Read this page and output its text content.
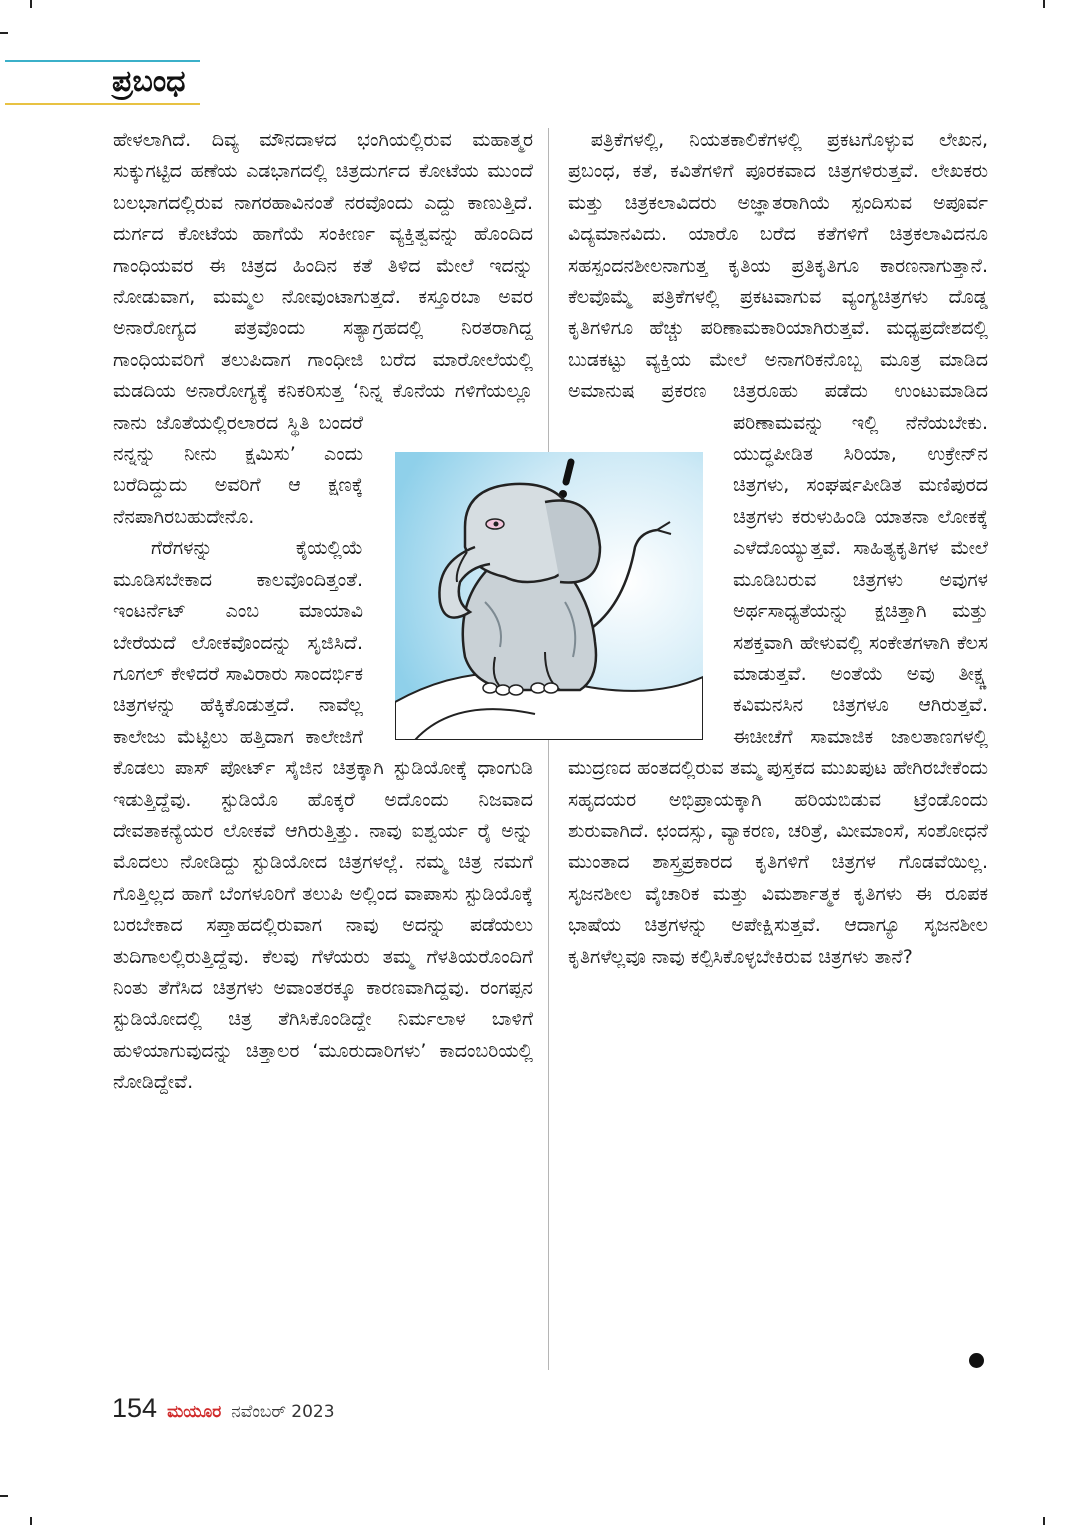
ಪ್ರಬಂಧ

ಹೇಳಲಾಗಿದೆ. ದಿವ್ಯ ಮೌನದಾಳದ ಭಂಗಿಯಲ್ಲಿರುವ ಮಹಾತ್ಮರ ಸುಕ್ಕುಗಟ್ಟಿದ ಹಣೆಯ ಎಡಭಾಗದಲ್ಲಿ ಚಿತ್ರದುರ್ಗದ ಕೋಟೆಯ ಮುಂದೆ ಬಲಭಾಗದಲ್ಲಿರುವ ನಾಗರಹಾವಿನಂತೆ ನರವೊಂದು ಎದ್ದು ಕಾಣುತ್ತಿದೆ. ದುರ್ಗದ ಕೋಟೆಯ ಹಾಗೆಯೆ ಸಂಕೀರ್ಣ ವ್ಯಕ್ತಿತ್ವವನ್ನು ಹೊಂದಿದ ಗಾಂಧಿಯವರ ಈ ಚಿತ್ರದ ಹಿಂದಿನ ಕತೆ ತಿಳಿದ ಮೇಲೆ ಇದನ್ನು ನೋಡುವಾಗ, ಮಮ್ಮಲ ನೋವುಂಟಾಗುತ್ತದೆ. ಕಸ್ತೂರಬಾ ಅವರ ಅನಾರೋಗ್ಯದ ಪತ್ರವೊಂದು ಸತ್ಯಾಗ್ರಹದಲ್ಲಿ ನಿರತರಾಗಿದ್ದ ಗಾಂಧಿಯವರಿಗೆ ತಲುಪಿದಾಗ ಗಾಂಧೀಜಿ ಬರೆದ ಮಾರೋಲೆಯಲ್ಲಿ ಮಡದಿಯ ಅನಾರೋಗ್ಯಕ್ಕೆ ಕನಿಕರಿಸುತ್ತ ‘ನಿನ್ನ ಕೊನೆಯ ಗಳಿಗೆಯಲ್ಲೂ ನಾನು ಜೊತೆಯಲ್ಲಿರಲಾರದ ಸ್ಥಿತಿ ಬಂದರೆ ನನ್ನನ್ನು ನೀನು ಕ್ಷಮಿಸು’ ಎಂದು ಬರೆದಿದ್ದುದು ಅವರಿಗೆ ಆ ಕ್ಷಣಕ್ಕೆ ನೆನಪಾಗಿರಬಹುದೇನೊ.

ಗೆರೆಗಳನ್ನು ಕೈಯಲ್ಲಿಯೆ ಮೂಡಿಸಬೇಕಾದ ಕಾಲವೊಂದಿತ್ತಂತೆ. ಇಂಟರ್ನೆಟ್ ಎಂಬ ಮಾಯಾವಿ ಬೇರೆಯದೆ ಲೋಕವೊಂದನ್ನು ಸೃಜಿಸಿದೆ. ಗೂಗಲ್ ಕೇಳಿದರೆ ಸಾವಿರಾರು ಸಾಂದರ್ಭಿಕ ಚಿತ್ರಗಳನ್ನು ಹೆಕ್ಕಿಕೊಡುತ್ತದೆ. ನಾವೆಲ್ಲ ಕಾಲೇಜು ಮೆಟ್ಟಿಲು ಹತ್ತಿದಾಗ ಕಾಲೇಜಿಗೆ ಕೊಡಲು ಪಾಸ್ ಪೋರ್ಟ್ ಸೈಜಿನ ಚಿತ್ರಕ್ಕಾಗಿ ಸ್ಟುಡಿಯೋಕ್ಕೆ ಧಾಂಗುಡಿ ಇಡುತ್ತಿದ್ದೆವು. ಸ್ಟುಡಿಯೊ ಹೊಕ್ಕರೆ ಅದೊಂದು ನಿಜವಾದ ದೇವತಾಕನ್ಯೆಯರ ಲೋಕವೆ ಆಗಿರುತ್ತಿತ್ತು. ನಾವು ಐಶ್ವರ್ಯ ರೈ ಅನ್ನು ಮೊದಲು ನೋಡಿದ್ದು ಸ್ಟುಡಿಯೋದ ಚಿತ್ರಗಳಲ್ಲೆ. ನಮ್ಮ ಚಿತ್ರ ನಮಗೆ ಗೊತ್ತಿಲ್ಲದ ಹಾಗೆ ಬೆಂಗಳೂರಿಗೆ ತಲುಪಿ ಅಲ್ಲಿಂದ ವಾಪಾಸು ಸ್ಟುಡಿಯೊಕ್ಕೆ ಬರಬೇಕಾದ ಸಪ್ತಾಹದಲ್ಲಿರುವಾಗ ನಾವು ಅದನ್ನು ಪಡೆಯಲು ತುದಿಗಾಲಲ್ಲಿರುತ್ತಿದ್ದೆವು. ಕೆಲವು ಗೆಳೆಯರು ತಮ್ಮ ಗೆಳತಿಯರೊಂದಿಗೆ ನಿಂತು ತೆಗೆಸಿದ ಚಿತ್ರಗಳು ಅವಾಂತರಕ್ಕೂ ಕಾರಣವಾಗಿದ್ದವು. ರಂಗಪ್ಪನ ಸ್ಟುಡಿಯೋದಲ್ಲಿ ಚಿತ್ರ ತೆಗಿಸಿಕೊಂಡಿದ್ದೇ ನಿರ್ಮಲಾಳ ಬಾಳಿಗೆ ಹುಳಿಯಾಗುವುದನ್ನು ಚಿತ್ತಾಲರ ‘ಮೂರುದಾರಿಗಳು’ ಕಾದಂಬರಿಯಲ್ಲಿ ನೋಡಿದ್ದೇವೆ.

ಪತ್ರಿಕೆಗಳಲ್ಲಿ, ನಿಯತಕಾಲಿಕೆಗಳಲ್ಲಿ ಪ್ರಕಟಗೊಳ್ಳುವ ಲೇಖನ, ಪ್ರಬಂಧ, ಕತೆ, ಕವಿತೆಗಳಿಗೆ ಪೂರಕವಾದ ಚಿತ್ರಗಳಿರುತ್ತವೆ. ಲೇಖಕರು ಮತ್ತು ಚಿತ್ರಕಲಾವಿದರು ಅಜ್ಞಾತರಾಗಿಯೆ ಸ್ಪಂದಿಸುವ ಅಪೂರ್ವ ವಿದ್ಯಮಾನವಿದು. ಯಾರೊ ಬರೆದ ಕತೆಗಳಿಗೆ ಚಿತ್ರಕಲಾವಿದನೂ ಸಹಸ್ಪಂದನಶೀಲನಾಗುತ್ತ ಕೃತಿಯ ಪ್ರತಿಕೃತಿಗೂ ಕಾರಣನಾಗುತ್ತಾನೆ. ಕೆಲವೊಮ್ಮೆ ಪತ್ರಿಕೆಗಳಲ್ಲಿ ಪ್ರಕಟವಾಗುವ ವ್ಯಂಗ್ಯಚಿತ್ರಗಳು ದೊಡ್ಡ ಕೃತಿಗಳಿಗೂ ಹೆಚ್ಚು ಪರಿಣಾಮಕಾರಿಯಾಗಿರುತ್ತವೆ. ಮಧ್ಯಪ್ರದೇಶದಲ್ಲಿ ಬುಡಕಟ್ಟು ವ್ಯಕ್ತಿಯ ಮೇಲೆ ಅನಾಗರಿಕನೊಬ್ಬ ಮೂತ್ರ ಮಾಡಿದ ಅಮಾನುಷ ಪ್ರಕರಣ ಚಿತ್ರರೂಹು ಪಡೆದು ಉಂಟುಮಾಡಿದ ಪರಿಣಾಮವನ್ನು ಇಲ್ಲಿ ನೆನೆಯಬೇಕು. ಯುದ್ಧಪೀಡಿತ ಸಿರಿಯಾ, ಉಕ್ರೇನ್‌ನ ಚಿತ್ರಗಳು, ಸಂಘರ್ಷಪೀಡಿತ ಮಣಿಪುರದ ಚಿತ್ರಗಳು ಕರುಳುಹಿಂಡಿ ಯಾತನಾ ಲೋಕಕ್ಕೆ ಎಳೆದೊಯ್ಯುತ್ತವೆ. ಸಾಹಿತ್ಯಕೃತಿಗಳ ಮೇಲೆ ಮೂಡಿಬರುವ ಚಿತ್ರಗಳು ಅವುಗಳ ಅರ್ಥಸಾಧ್ಯತೆಯನ್ನು ಕ್ಷಚಿತ್ತಾಗಿ ಮತ್ತು ಸಶಕ್ತವಾಗಿ ಹೇಳುವಲ್ಲಿ ಸಂಕೇತಗಳಾಗಿ ಕೆಲಸ ಮಾಡುತ್ತವೆ. ಅಂತೆಯೆ ಅವು ತೀಕ್ಷ್ಣ ಕವಿಮನಸಿನ ಚಿತ್ರಗಳೂ ಆಗಿರುತ್ತವೆ. ಈಚೀಚೆಗೆ ಸಾಮಾಜಿಕ ಜಾಲತಾಣಗಳಲ್ಲಿ ಮುದ್ರಣದ ಹಂತದಲ್ಲಿರುವ ತಮ್ಮ ಪುಸ್ತಕದ ಮುಖಪುಟ ಹೇಗಿರಬೇಕೆಂದು ಸಹೃದಯರ ಅಭಿಪ್ರಾಯಕ್ಕಾಗಿ ಹರಿಯಬಿಡುವ ಟ್ರೆಂಡೊಂದು ಶುರುವಾಗಿದೆ. ಛಂದಸ್ಸು, ವ್ಯಾಕರಣ, ಚರಿತ್ರೆ, ಮೀಮಾಂಸೆ, ಸಂಶೋಧನೆ ಮುಂತಾದ ಶಾಸ್ತ್ರಪ್ರಕಾರದ ಕೃತಿಗಳಿಗೆ ಚಿತ್ರಗಳ ಗೊಡವೆಯಿಲ್ಲ. ಸೃಜನಶೀಲ ವೈಚಾರಿಕ ಮತ್ತು ವಿಮರ್ಶಾತ್ಮಕ ಕೃತಿಗಳು ಈ ರೂಪಕ ಭಾಷೆಯ ಚಿತ್ರಗಳನ್ನು ಅಪೇಕ್ಷಿಸುತ್ತವೆ. ಆದಾಗ್ಯೂ ಸೃಜನಶೀಲ ಕೃತಿಗಳೆಲ್ಲವೂ ನಾವು ಕಲ್ಪಿಸಿಕೊಳ್ಳಬೇಕಿರುವ ಚಿತ್ರಗಳು ತಾನೆ?

154 ಮಯೂರ ನವೆಂಬರ್ 2023
